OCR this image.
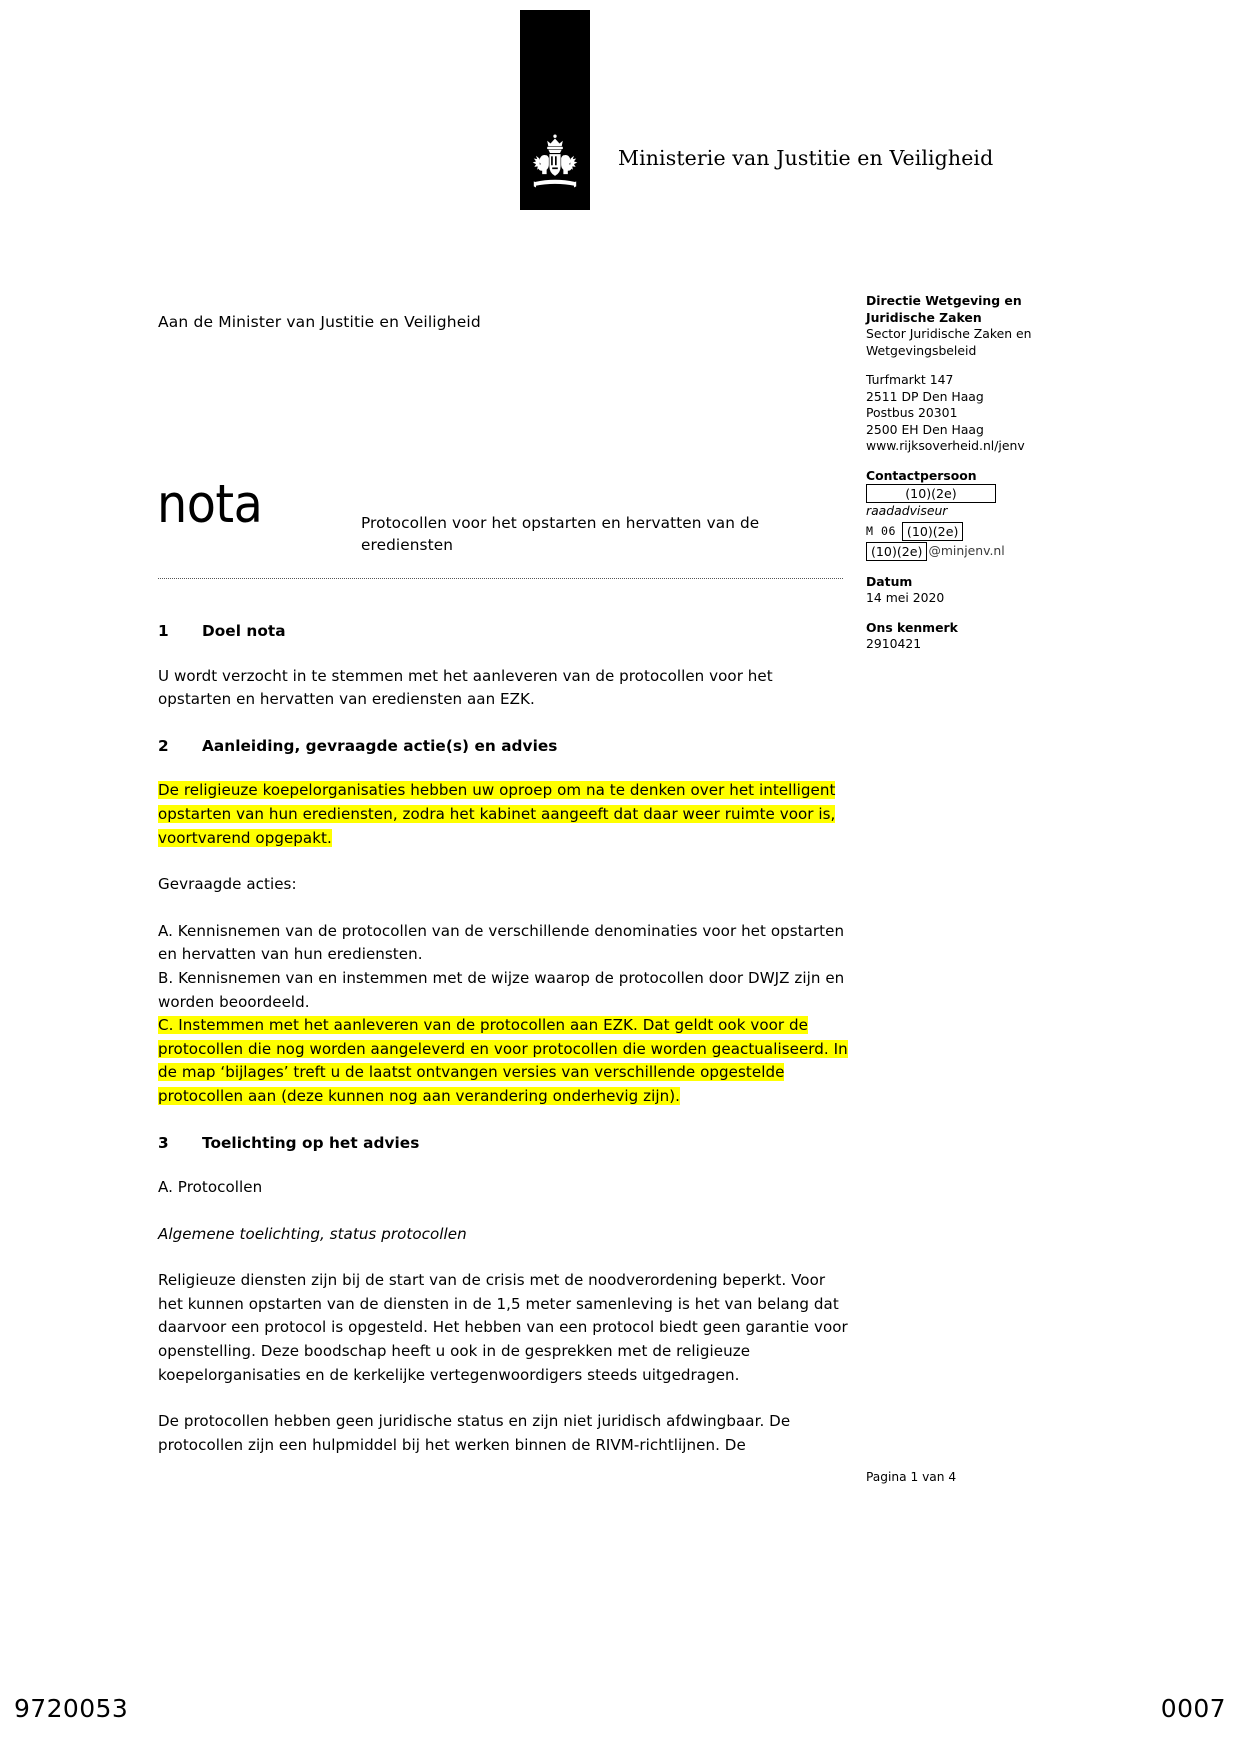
Ministerie van Justitie en Veiligheid
Aan de Minister van Justitie en Veiligheid
Directie Wetgeving en
Juridische Zaken
Sector Juridische Zaken en
Wetgevingsbeleid
Turfmarkt 147
2511 DP Den Haag
Postbus 20301
2500 EH Den Haag
www.rijksoverheid.nl/jenv
Contactpersoon
(10)(2e)
raadadviseur
M 06 (10)(2e)
(10)(2e) @minjenv.nl
Datum
14 mei 2020
Ons kenmerk
2910421
nota	Protocollen voor het opstarten en hervatten van de erediensten
1	Doel nota
U wordt verzocht in te stemmen met het aanleveren van de protocollen voor het opstarten en hervatten van erediensten aan EZK.
2	Aanleiding, gevraagde actie(s) en advies
De religieuze koepelorganisaties hebben uw oproep om na te denken over het intelligent opstarten van hun erediensten, zodra het kabinet aangeeft dat daar weer ruimte voor is, voortvarend opgepakt.
Gevraagde acties:
A. Kennisnemen van de protocollen van de verschillende denominaties voor het opstarten en hervatten van hun erediensten.
B. Kennisnemen van en instemmen met de wijze waarop de protocollen door DWJZ zijn en worden beoordeeld.
C. Instemmen met het aanleveren van de protocollen aan EZK. Dat geldt ook voor de protocollen die nog worden aangeleverd en voor protocollen die worden geactualiseerd. In de map ‘bijlages’ treft u de laatst ontvangen versies van verschillende opgestelde protocollen aan (deze kunnen nog aan verandering onderhevig zijn).
3	Toelichting op het advies
A. Protocollen
Algemene toelichting, status protocollen
Religieuze diensten zijn bij de start van de crisis met de noodverordening beperkt. Voor het kunnen opstarten van de diensten in de 1,5 meter samenleving is het van belang dat daarvoor een protocol is opgesteld. Het hebben van een protocol biedt geen garantie voor openstelling. Deze boodschap heeft u ook in de gesprekken met de religieuze koepelorganisaties en de kerkelijke vertegenwoordigers steeds uitgedragen.
De protocollen hebben geen juridische status en zijn niet juridisch afdwingbaar. De protocollen zijn een hulpmiddel bij het werken binnen de RIVM-richtlijnen. De
Pagina 1 van 4
9720053	0007
